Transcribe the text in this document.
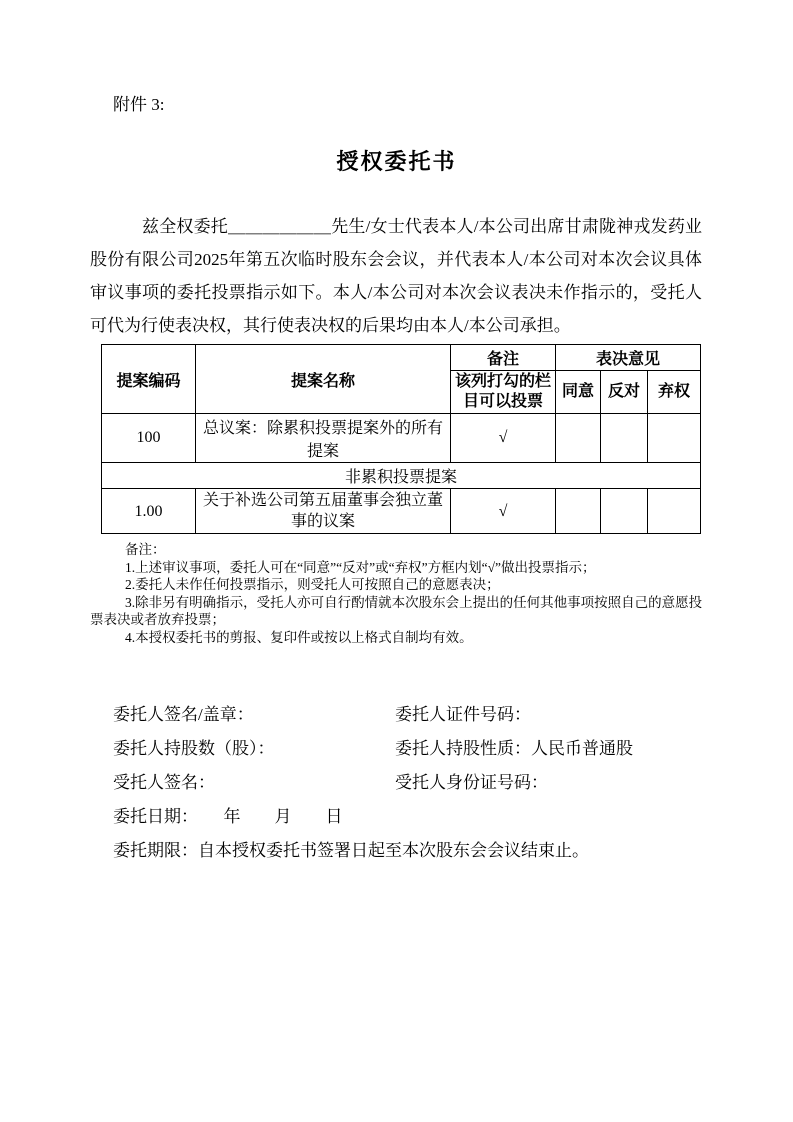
附件 3:
授权委托书

兹全权委托＿＿＿＿＿＿先生/女士代表本人/本公司出席甘肃陇神戎发药业股份有限公司2025年第五次临时股东会会议，并代表本人/本公司对本次会议具体审议事项的委托投票指示如下。本人/本公司对本次会议表决未作指示的，受托人可代为行使表决权，其行使表决权的后果均由本人/本公司承担。

提案编码	提案名称	备注	表决意见		
		该列打勾的栏目可以投票	同意	反对	弃权
100	总议案：除累积投票提案外的所有提案	√			
非累积投票提案					
1.00	关于补选公司第五届董事会独立董事的议案	√			

备注：

1.上述审议事项，委托人可在“同意”“反对”或“弃权”方框内划“√”做出投票指示；

2.委托人未作任何投票指示，则受托人可按照自己的意愿表决；

3.除非另有明确指示，受托人亦可自行酌情就本次股东会上提出的任何其他事项按照自己的意愿投票表决或者放弃投票；

4.本授权委托书的剪报、复印件或按以上格式自制均有效。

委托人签名/盖章：	委托人证件号码：
委托人持股数（股）：	委托人持股性质： 人民币普通股
受托人签名：	受托人身份证号码：
委托日期：　　年　　月　　日
委托期限：自本授权委托书签署日起至本次股东会会议结束止。
